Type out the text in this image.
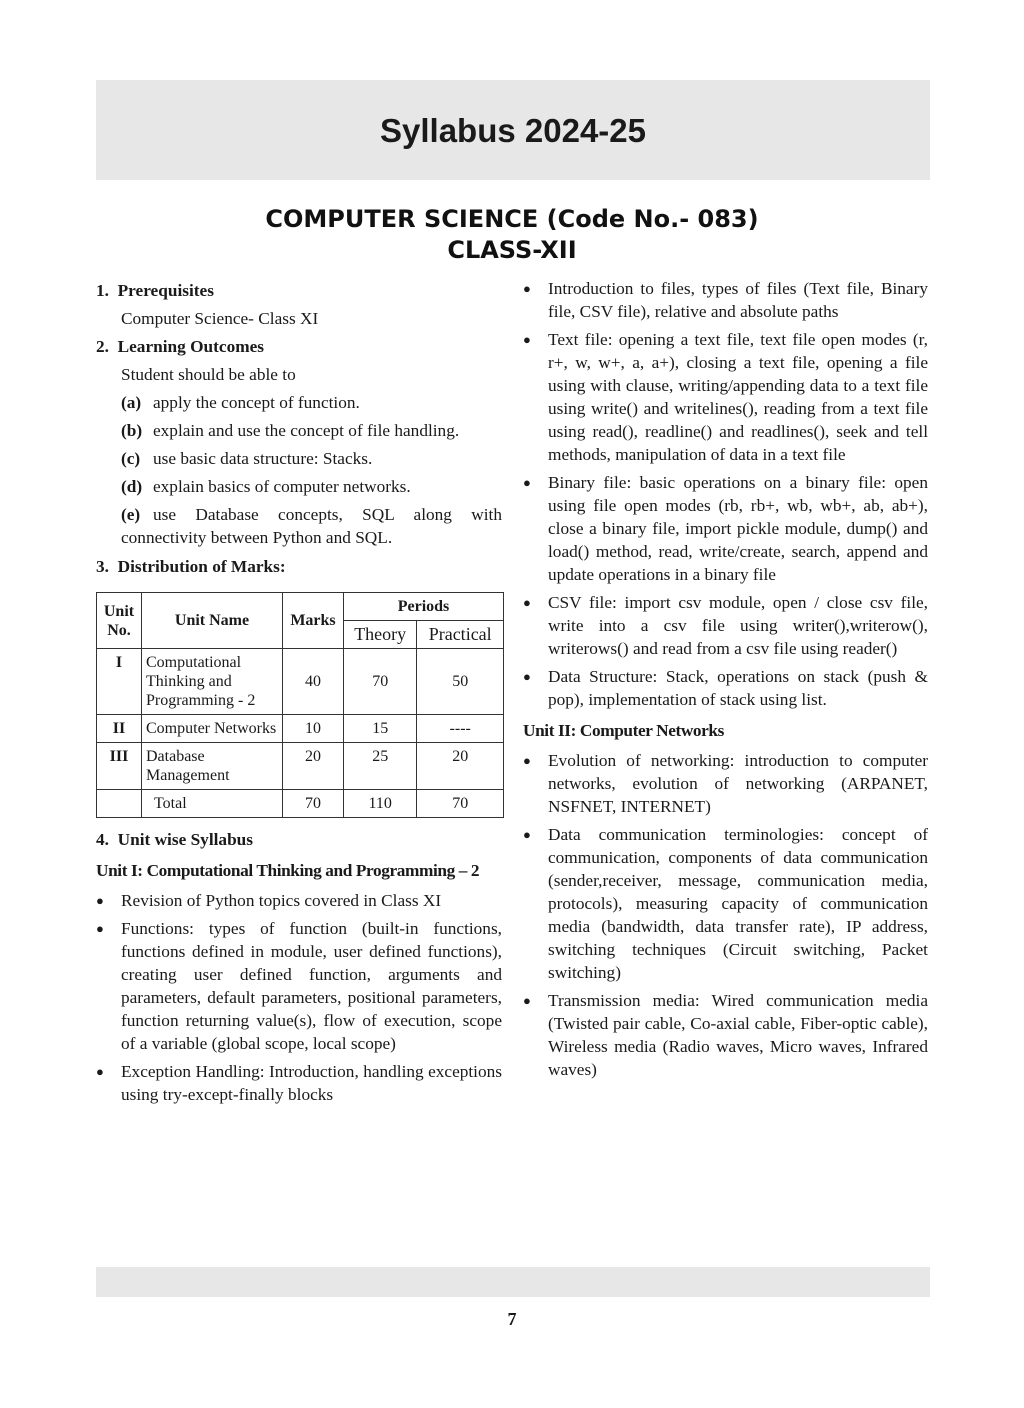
Syllabus 2024-25
COMPUTER SCIENCE (Code No.- 083)
CLASS-XII

1. Prerequisites

Computer Science- Class XI

2. Learning Outcomes

Student should be able to

(a) apply the concept of function.
(b) explain and use the concept of file handling.
(c) use basic data structure: Stacks.
(d) explain basics of computer networks.
(e) use Database concepts, SQL along with connectivity between Python and SQL.

3. Distribution of Marks:

Unit No.	Unit Name	Marks	Periods	
			Theory	Practical
I	Computational Thinking and Programming - 2	40	70	50
II	Computer Networks	10	15	----
III	Database Management	20	25	20
	Total	70	110	70

4. Unit wise Syllabus

Unit I: Computational Thinking and Programming – 2

● Revision of Python topics covered in Class XI
● Functions: types of function (built-in functions, functions defined in module, user defined functions), creating user defined function, arguments and parameters, default parameters, positional parameters, function returning value(s), flow of execution, scope of a variable (global scope, local scope)
● Exception Handling: Introduction, handling exceptions using try-except-finally blocks
● Introduction to files, types of files (Text file, Binary file, CSV file), relative and absolute paths
● Text file: opening a text file, text file open modes (r, r+, w, w+, a, a+), closing a text file, opening a file using with clause, writing/appending data to a text file using write() and writelines(), reading from a text file using read(), readline() and readlines(), seek and tell methods, manipulation of data in a text file
● Binary file: basic operations on a binary file: open using file open modes (rb, rb+, wb, wb+, ab, ab+), close a binary file, import pickle module, dump() and load() method, read, write/create, search, append and update operations in a binary file
● CSV file: import csv module, open / close csv file, write into a csv file using writer(),writerow(), writerows() and read from a csv file using reader()
● Data Structure: Stack, operations on stack (push & pop), implementation of stack using list.

Unit II: Computer Networks

● Evolution of networking: introduction to computer networks, evolution of networking (ARPANET, NSFNET, INTERNET)
● Data communication terminologies: concept of communication, components of data communication (sender,receiver, message, communication media, protocols), measuring capacity of communication media (bandwidth, data transfer rate), IP address, switching techniques (Circuit switching, Packet switching)
● Transmission media: Wired communication media (Twisted pair cable, Co-axial cable, Fiber-optic cable), Wireless media (Radio waves, Micro waves, Infrared waves)
7
